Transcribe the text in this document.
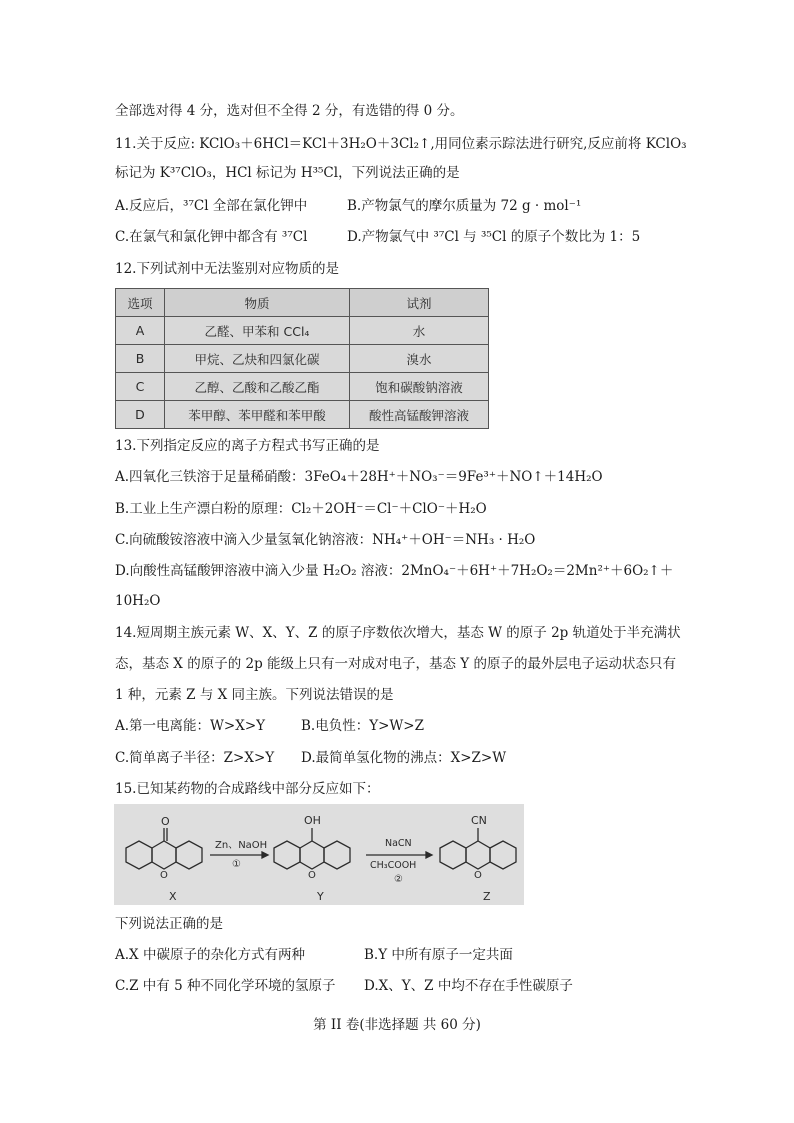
全部选对得 4 分，选对但不全得 2 分，有选错的得 0 分。
11.关于反应: KClO₃＋6HCl＝KCl＋3H₂O＋3Cl₂↑,用同位素示踪法进行研究,反应前将 KClO₃
标记为 K³⁷ClO₃，HCl 标记为 H³⁵Cl，下列说法正确的是
A.反应后，³⁷Cl 全部在氯化钾中	B.产物氯气的摩尔质量为 72 g · mol⁻¹
C.在氯气和氯化钾中都含有 ³⁷Cl	D.产物氯气中 ³⁷Cl 与 ³⁵Cl 的原子个数比为 1：5
12.下列试剂中无法鉴别对应物质的是
选项	物质	试剂
A	乙醛、甲苯和 CCl₄	水
B	甲烷、乙炔和四氯化碳	溴水
C	乙醇、乙酸和乙酸乙酯	饱和碳酸钠溶液
D	苯甲醇、苯甲醛和苯甲酸	酸性高锰酸钾溶液
13.下列指定反应的离子方程式书写正确的是
A.四氧化三铁溶于足量稀硝酸：3FeO₄＋28H⁺＋NO₃⁻＝9Fe³⁺＋NO↑＋14H₂O
B.工业上生产漂白粉的原理：Cl₂＋2OH⁻＝Cl⁻＋ClO⁻＋H₂O
C.向硫酸铵溶液中滴入少量氢氧化钠溶液：NH₄⁺＋OH⁻＝NH₃ · H₂O
D.向酸性高锰酸钾溶液中滴入少量 H₂O₂ 溶液：2MnO₄⁻＋6H⁺＋7H₂O₂＝2Mn²⁺＋6O₂↑＋
10H₂O
14.短周期主族元素 W、X、Y、Z 的原子序数依次增大，基态 W 的原子 2p 轨道处于半充满状
态，基态 X 的原子的 2p 能级上只有一对成对电子，基态 Y 的原子的最外层电子运动状态只有
1 种，元素 Z 与 X 同主族。下列说法错误的是
A.第一电离能：W>X>Y	B.电负性：Y>W>Z
C.简单离子半径：Z>X>Y D.最简单氢化物的沸点：X>Z>W
15.已知某药物的合成路线中部分反应如下：
O
O
X
Zn、NaOH
①
OH
O
Y
NaCN
CH₃COOH
②
CN
O
Z
下列说法正确的是
A.X 中碳原子的杂化方式有两种	B.Y 中所有原子一定共面
C.Z 中有 5 种不同化学环境的氢原子 D.X、Y、Z 中均不存在手性碳原子
第 II 卷(非选择题 共 60 分)
